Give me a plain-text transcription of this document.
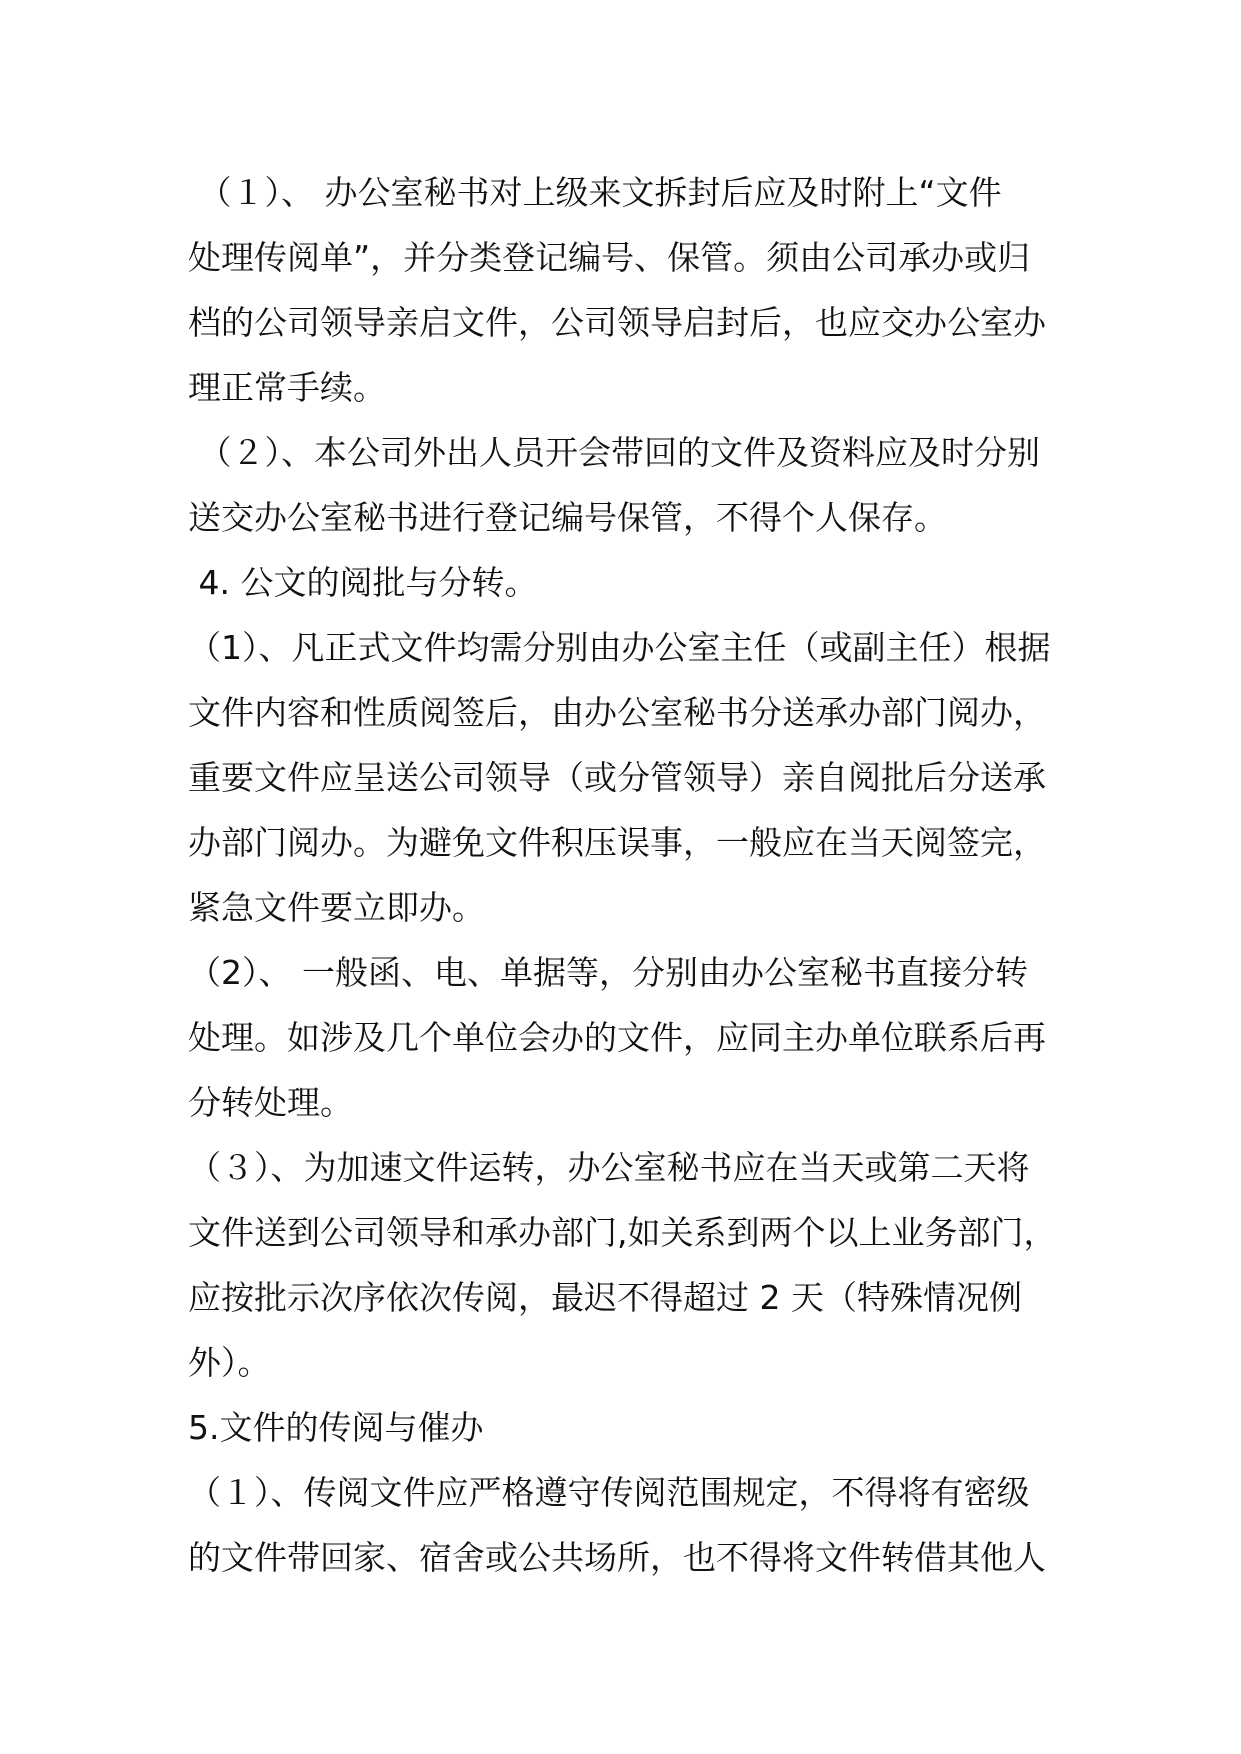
（１）、 办公室秘书对上级来文拆封后应及时附上“文件
处理传阅单”，并分类登记编号、保管。须由公司承办或归
档的公司领导亲启文件，公司领导启封后，也应交办公室办
理正常手续。
（２）、本公司外出人员开会带回的文件及资料应及时分别
送交办公室秘书进行登记编号保管，不得个人保存。
4. 公文的阅批与分转。
（1）、凡正式文件均需分别由办公室主任（或副主任）根据
文件内容和性质阅签后，由办公室秘书分送承办部门阅办，
重要文件应呈送公司领导（或分管领导）亲自阅批后分送承
办部门阅办。为避免文件积压误事，一般应在当天阅签完，
紧急文件要立即办。
（2）、 一般函、电、单据等，分别由办公室秘书直接分转
处理。如涉及几个单位会办的文件，应同主办单位联系后再
分转处理。
（３）、为加速文件运转，办公室秘书应在当天或第二天将
文件送到公司领导和承办部门,如关系到两个以上业务部门，
应按批示次序依次传阅，最迟不得超过 2 天（特殊情况例
外）。
5.文件的传阅与催办
（１）、传阅文件应严格遵守传阅范围规定，不得将有密级
的文件带回家、宿舍或公共场所，也不得将文件转借其他人
